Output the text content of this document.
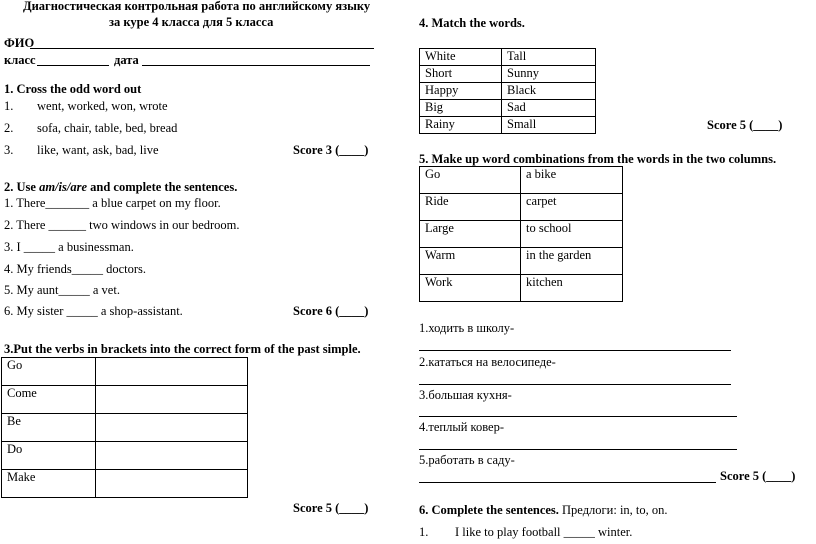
Диагностическая контрольная работа по английскому языку
за куре 4 класса для 5 класса
ФИО
класс	дата
1. Cross the odd word out
1. went, worked, won, wrote
2. sofa, chair, table, bed, bread
3. like, want, ask, bad, live	Score 3 (____)
2. Use am/is/are and complete the sentences.
1. There_______ a blue carpet on my floor.
2. There ______ two windows in our bedroom.
3. I _____ a businessman.
4. My friends_____ doctors.
5. My aunt_____ a vet.
6. My sister _____ a shop-assistant.	Score 6 (____)
3.Put the verbs in brackets into the correct form of the past simple.
Go	
Come	
Be	
Do	
Make	
Score 5 (____)
4. Match the words.
White	Tall
Short	Sunny
Happy	Black
Big	Sad
Rainy	Small	Score 5 (____)
5. Make up word combinations from the words in the two columns.
Go	a bike
Ride	carpet
Large	to school
Warm	in the garden
Work	kitchen
1.ходить в школу-
2.кататься на велосипеде-
3.большая кухня-
4.теплый ковер-
5.работать в саду-
Score 5 (____)
6. Complete the sentences. Предлоги: in, to, on.
1. I like to play football _____ winter.
